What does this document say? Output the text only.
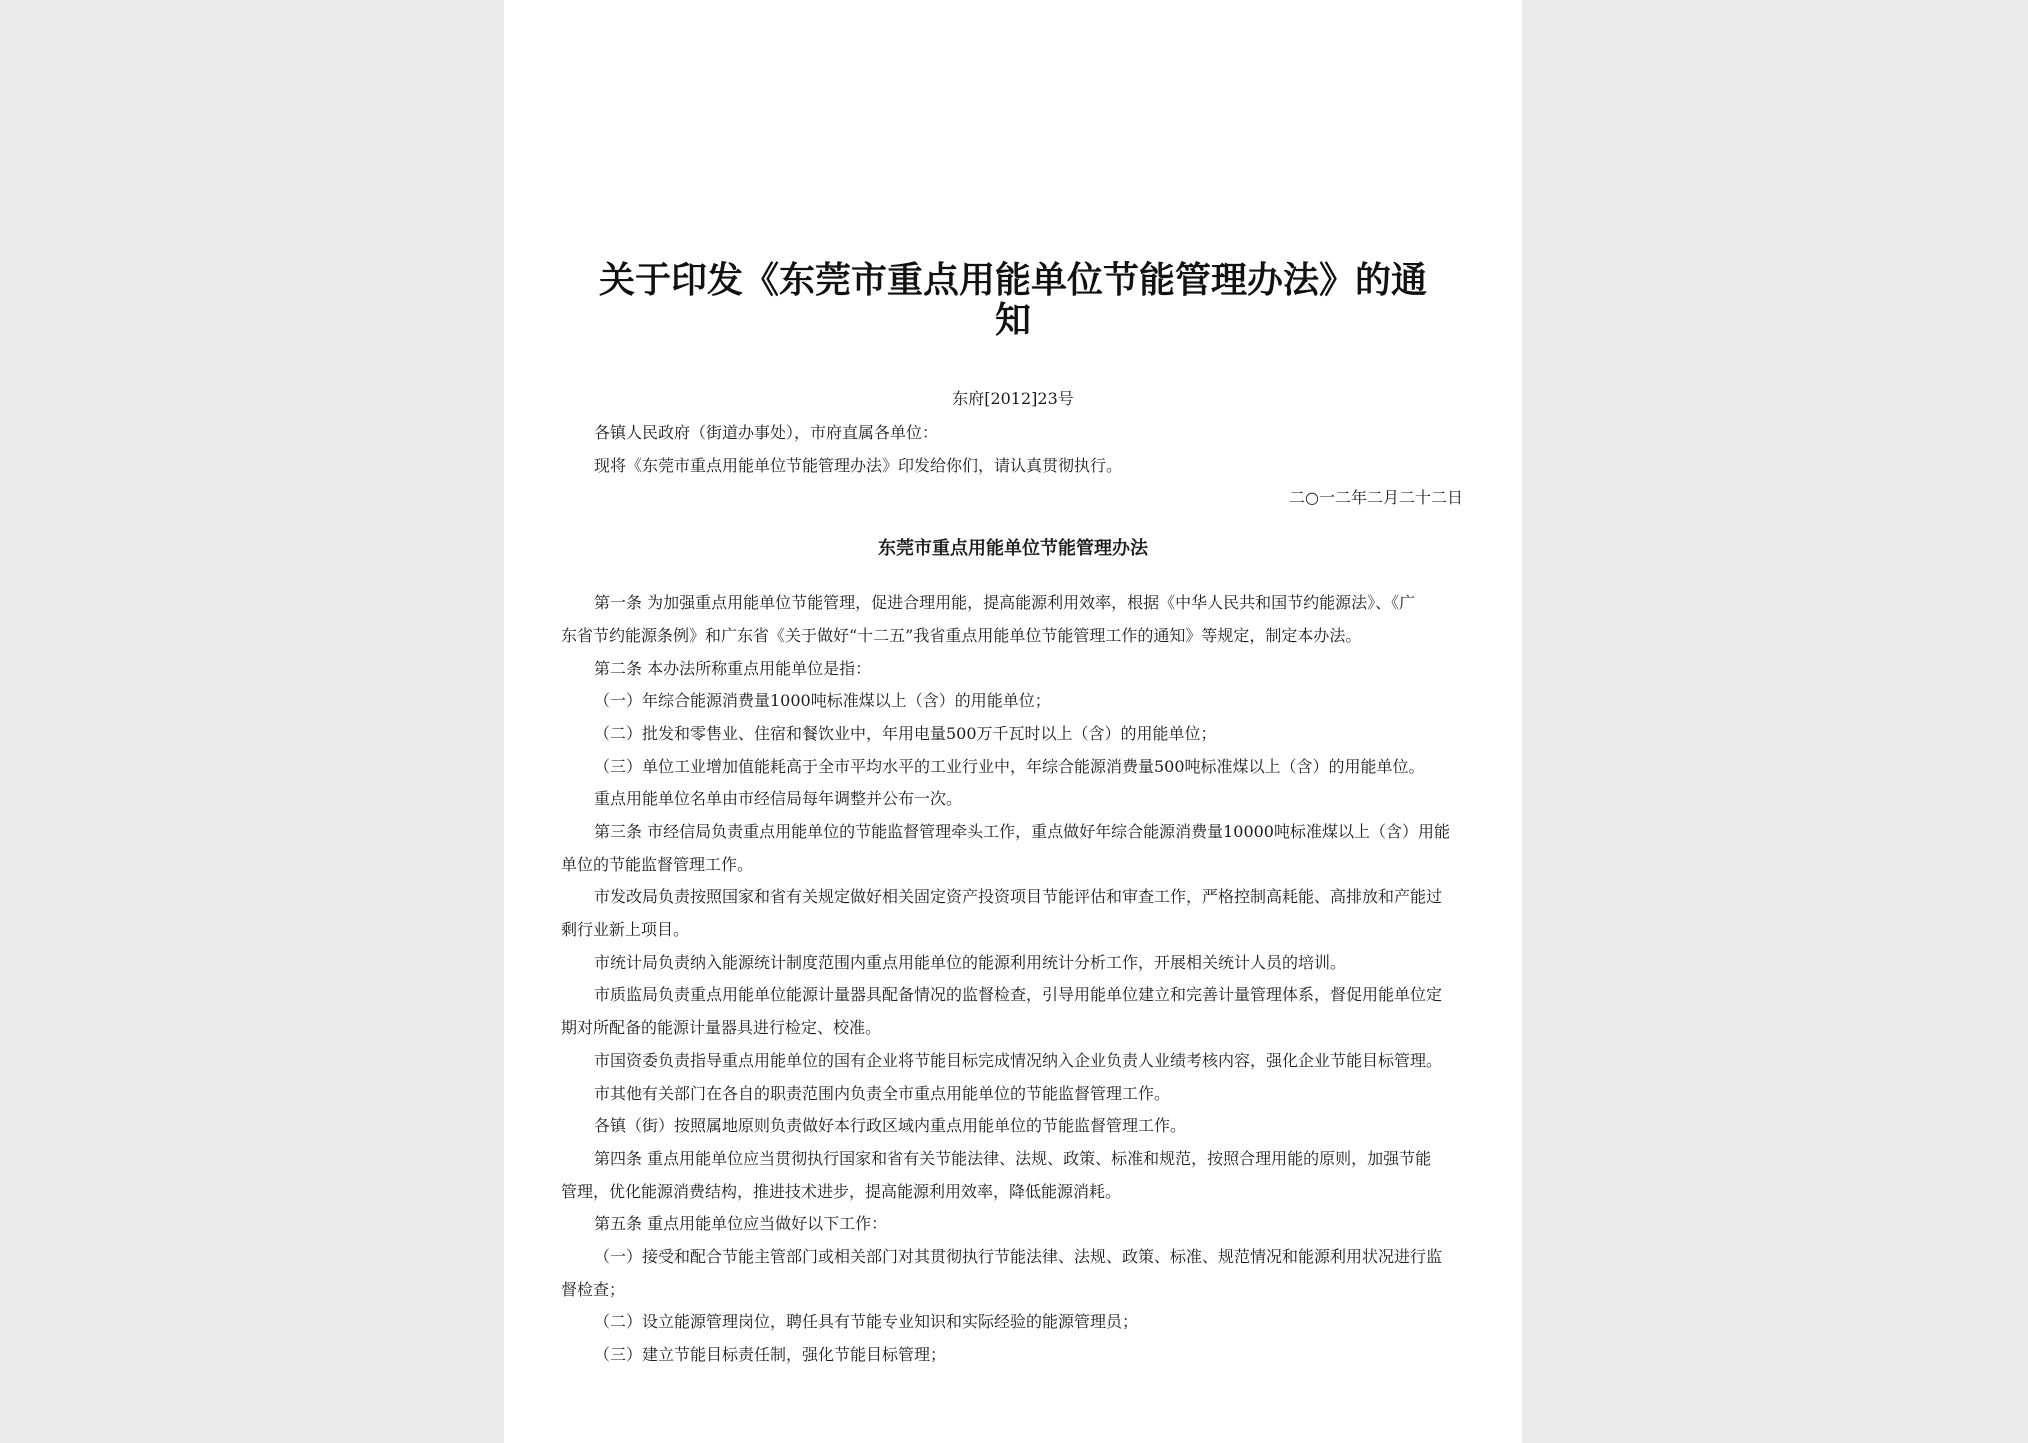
关于印发《东莞市重点用能单位节能管理办法》的通
知
东府[2012]23号
各镇人民政府（街道办事处），市府直属各单位：
现将《东莞市重点用能单位节能管理办法》印发给你们，请认真贯彻执行。
二○一二年二月二十二日
东莞市重点用能单位节能管理办法
第一条 为加强重点用能单位节能管理，促进合理用能，提高能源利用效率，根据《中华人民共和国节约能源法》、《广
东省节约能源条例》和广东省《关于做好“十二五”我省重点用能单位节能管理工作的通知》等规定，制定本办法。
第二条 本办法所称重点用能单位是指：
（一）年综合能源消费量1000吨标准煤以上（含）的用能单位；
（二）批发和零售业、住宿和餐饮业中，年用电量500万千瓦时以上（含）的用能单位；
（三）单位工业增加值能耗高于全市平均水平的工业行业中，年综合能源消费量500吨标准煤以上（含）的用能单位。
重点用能单位名单由市经信局每年调整并公布一次。
第三条 市经信局负责重点用能单位的节能监督管理牵头工作，重点做好年综合能源消费量10000吨标准煤以上（含）用能
单位的节能监督管理工作。
市发改局负责按照国家和省有关规定做好相关固定资产投资项目节能评估和审查工作，严格控制高耗能、高排放和产能过
剩行业新上项目。
市统计局负责纳入能源统计制度范围内重点用能单位的能源利用统计分析工作，开展相关统计人员的培训。
市质监局负责重点用能单位能源计量器具配备情况的监督检查，引导用能单位建立和完善计量管理体系，督促用能单位定
期对所配备的能源计量器具进行检定、校准。
市国资委负责指导重点用能单位的国有企业将节能目标完成情况纳入企业负责人业绩考核内容，强化企业节能目标管理。
市其他有关部门在各自的职责范围内负责全市重点用能单位的节能监督管理工作。
各镇（街）按照属地原则负责做好本行政区域内重点用能单位的节能监督管理工作。
第四条 重点用能单位应当贯彻执行国家和省有关节能法律、法规、政策、标准和规范，按照合理用能的原则，加强节能
管理，优化能源消费结构，推进技术进步，提高能源利用效率，降低能源消耗。
第五条 重点用能单位应当做好以下工作：
（一）接受和配合节能主管部门或相关部门对其贯彻执行节能法律、法规、政策、标准、规范情况和能源利用状况进行监
督检查；
（二）设立能源管理岗位，聘任具有节能专业知识和实际经验的能源管理员；
（三）建立节能目标责任制，强化节能目标管理；
